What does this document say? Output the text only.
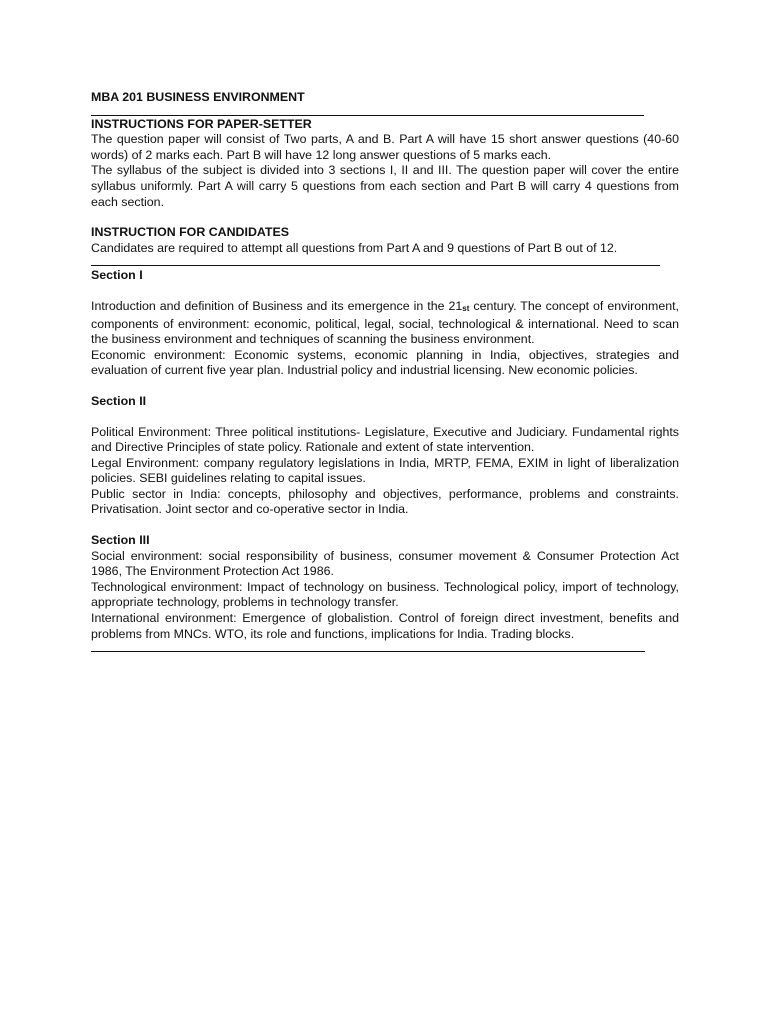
MBA 201 BUSINESS ENVIRONMENT
INSTRUCTIONS FOR PAPER-SETTER

The question paper will consist of Two parts, A and B. Part A will have 15 short answer questions (40-60 words) of 2 marks each. Part B will have 12 long answer questions of 5 marks each.

The syllabus of the subject is divided into 3 sections I, II and III. The question paper will cover the entire syllabus uniformly. Part A will carry 5 questions from each section and Part B will carry 4 questions from each section.

INSTRUCTION FOR CANDIDATES

Candidates are required to attempt all questions from Part A and 9 questions of Part B out of 12.

Section I

Introduction and definition of Business and its emergence in the $21_{st}$ century. The concept of environment, components of environment: economic, political, legal, social, technological & international. Need to scan the business environment and techniques of scanning the business environment.

Economic environment: Economic systems, economic planning in India, objectives, strategies and evaluation of current five year plan. Industrial policy and industrial licensing. New economic policies.

Section II

Political Environment: Three political institutions- Legislature, Executive and Judiciary. Fundamental rights and Directive Principles of state policy. Rationale and extent of state intervention.

Legal Environment: company regulatory legislations in India, MRTP, FEMA, EXIM in light of liberalization policies. SEBI guidelines relating to capital issues.

Public sector in India: concepts, philosophy and objectives, performance, problems and constraints. Privatisation. Joint sector and co-operative sector in India.

Section III

Social environment: social responsibility of business, consumer movement & Consumer Protection Act 1986, The Environment Protection Act 1986.

Technological environment: Impact of technology on business. Technological policy, import of technology, appropriate technology, problems in technology transfer.

International environment: Emergence of globalistion. Control of foreign direct investment, benefits and problems from MNCs. WTO, its role and functions, implications for India. Trading blocks.
